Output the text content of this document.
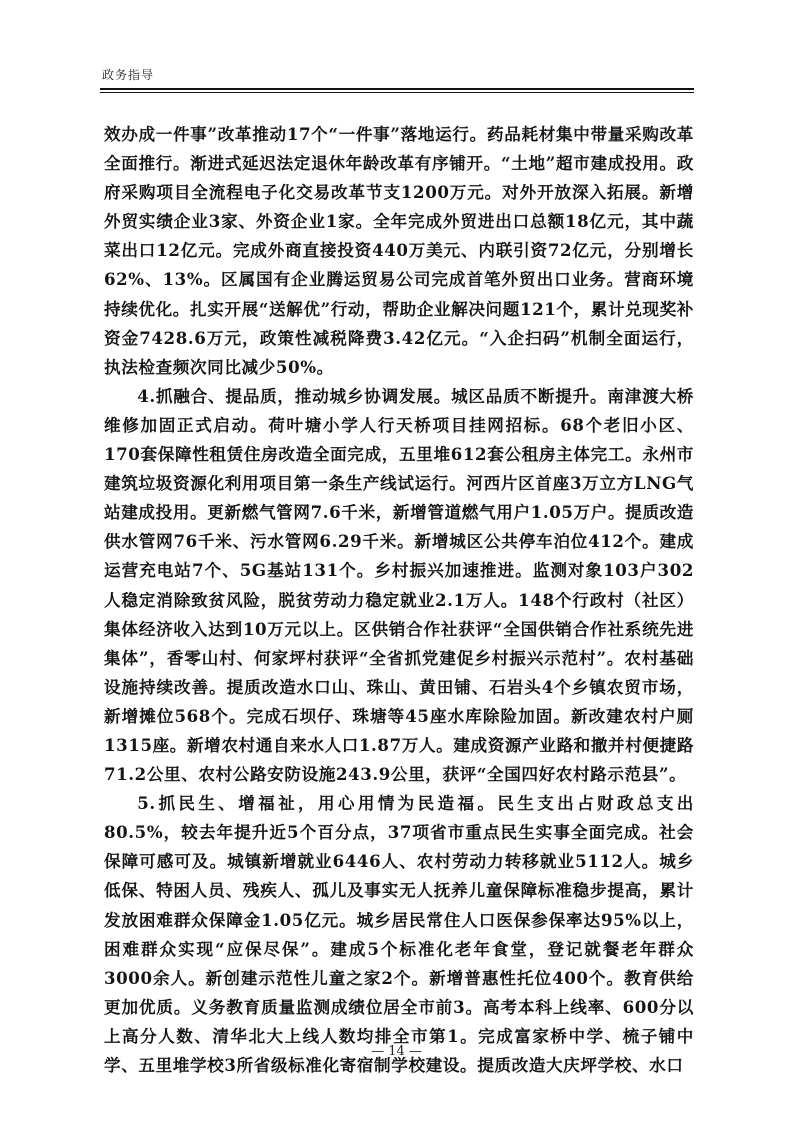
政务指导

效办成一件事”改革推动17个“一件事”落地运行。药品耗材集中带量采购改革全面推行。渐进式延迟法定退休年龄改革有序铺开。“土地”超市建成投用。政府采购项目全流程电子化交易改革节支1200万元。对外开放深入拓展。新增外贸实绩企业3家、外资企业1家。全年完成外贸进出口总额18亿元，其中蔬菜出口12亿元。完成外商直接投资440万美元、内联引资72亿元，分别增长62%、13%。区属国有企业腾运贸易公司完成首笔外贸出口业务。营商环境持续优化。扎实开展“送解优”行动，帮助企业解决问题121个，累计兑现奖补资金7428.6万元，政策性减税降费3.42亿元。“入企扫码”机制全面运行，执法检查频次同比减少50%。

4.抓融合、提品质，推动城乡协调发展。城区品质不断提升。南津渡大桥维修加固正式启动。荷叶塘小学人行天桥项目挂网招标。68个老旧小区、170套保障性租赁住房改造全面完成，五里堆612套公租房主体完工。永州市建筑垃圾资源化利用项目第一条生产线试运行。河西片区首座3万立方LNG气站建成投用。更新燃气管网7.6千米，新增管道燃气用户1.05万户。提质改造供水管网76千米、污水管网6.29千米。新增城区公共停车泊位412个。建成运营充电站7个、5G基站131个。乡村振兴加速推进。监测对象103户302人稳定消除致贫风险，脱贫劳动力稳定就业2.1万人。148个行政村（社区）集体经济收入达到10万元以上。区供销合作社获评“全国供销合作社系统先进集体”，香零山村、何家坪村获评“全省抓党建促乡村振兴示范村”。农村基础设施持续改善。提质改造水口山、珠山、黄田铺、石岩头4个乡镇农贸市场，新增摊位568个。完成石坝仔、珠塘等45座水库除险加固。新改建农村户厕1315座。新增农村通自来水人口1.87万人。建成资源产业路和撤并村便捷路71.2公里、农村公路安防设施243.9公里，获评“全国四好农村路示范县”。

5.抓民生、增福祉，用心用情为民造福。民生支出占财政总支出80.5%，较去年提升近5个百分点，37项省市重点民生实事全面完成。社会保障可感可及。城镇新增就业6446人、农村劳动力转移就业5112人。城乡低保、特困人员、残疾人、孤儿及事实无人抚养儿童保障标准稳步提高，累计发放困难群众保障金1.05亿元。城乡居民常住人口医保参保率达95%以上，困难群众实现“应保尽保”。建成5个标准化老年食堂，登记就餐老年群众3000余人。新创建示范性儿童之家2个。新增普惠性托位400个。教育供给更加优质。义务教育质量监测成绩位居全市前3。高考本科上线率、600分以上高分人数、清华北大上线人数均排全市第1。完成富家桥中学、梳子铺中学、五里堆学校3所省级标准化寄宿制学校建设。提质改造大庆坪学校、水口

— 14 —
